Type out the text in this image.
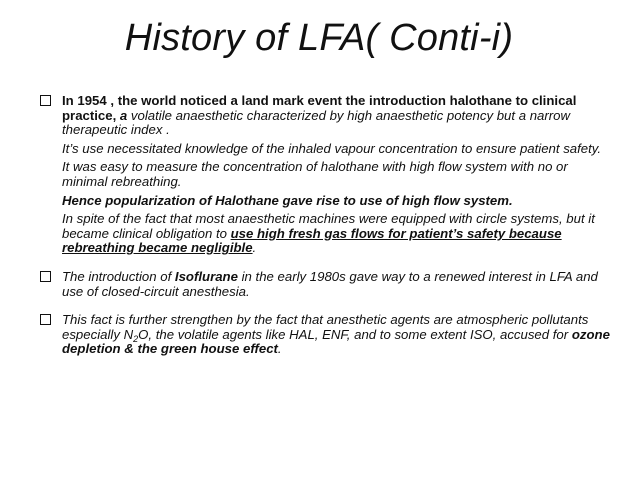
History of LFA( Conti-i)
In 1954 , the world noticed a land mark event the introduction halothane to clinical practice, a volatile anaesthetic characterized by high anaesthetic potency but a narrow therapeutic index .
It’s use necessitated knowledge of the inhaled vapour concentration to ensure patient safety.
It was easy to measure the concentration of halothane with high flow system with no or minimal rebreathing.
Hence popularization of Halothane gave rise to use of high flow system.
In spite of the fact that most anaesthetic machines were equipped with circle systems, but it became clinical obligation to use high fresh gas flows for patient’s safety because rebreathing became negligible.
The introduction of Isoflurane in the early 1980s gave way to a renewed interest in LFA and use of closed-circuit anesthesia.
This fact is further strengthen by the fact that anesthetic agents are atmospheric pollutants especially $N_2O$, the volatile agents like HAL, ENF, and to some extent ISO, accused for ozone depletion & the green house effect.
